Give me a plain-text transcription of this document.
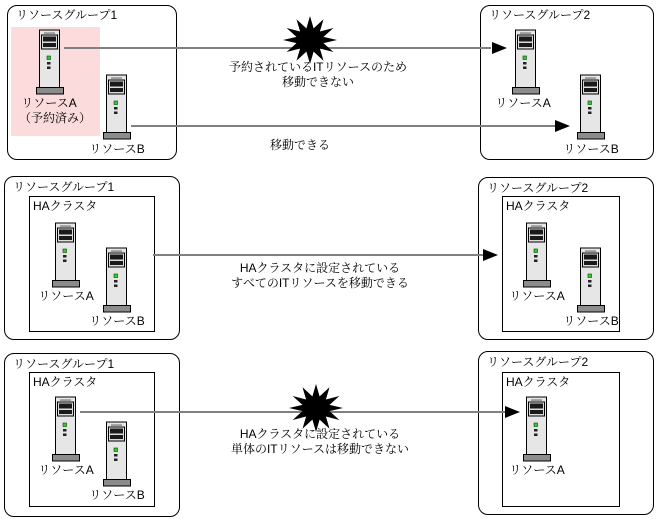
リソースグループ1
リソースA
（予約済み）
リソースB
リソースグループ2
リソースA
リソースB
予約されているITリソースのため
移動できない
移動できる
リソースグループ1
HAクラスタ
リソースA
リソースB
リソースグループ2
HAクラスタ
リソースA
リソースB
HAクラスタに設定されている
すべてのITリソースを移動できる
リソースグループ1
HAクラスタ
リソースA
リソースB
リソースグループ2
HAクラスタ
リソースA
HAクラスタに設定されている
単体のITリソースは移動できない
